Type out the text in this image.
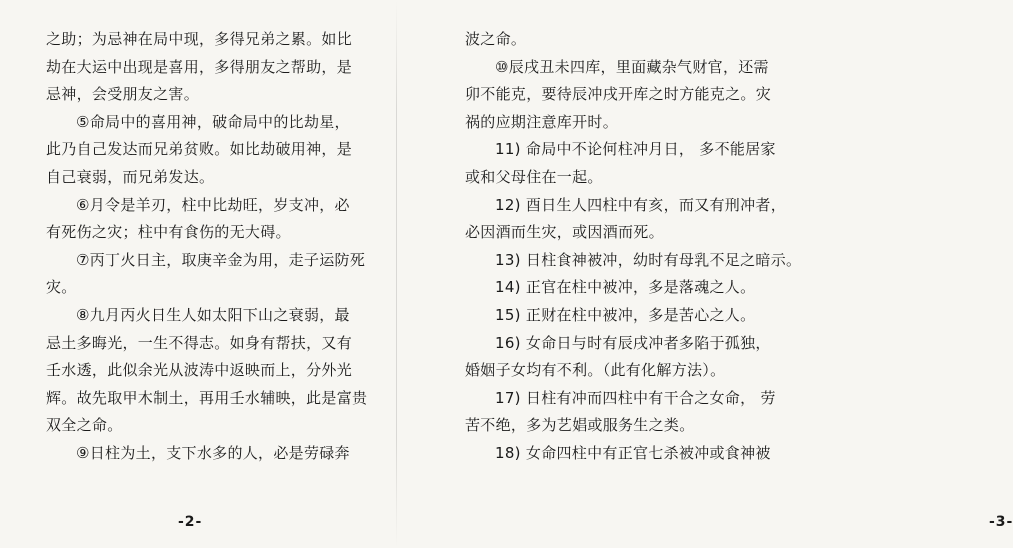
之助；为忌神在局中现，多得兄弟之累。如比
劫在大运中出现是喜用，多得朋友之帮助，是
忌神，会受朋友之害。
⑤命局中的喜用神，破命局中的比劫星，
此乃自己发达而兄弟贫败。如比劫破用神，是
自己衰弱，而兄弟发达。
⑥月令是羊刃，柱中比劫旺，岁支冲，必
有死伤之灾；柱中有食伤的无大碍。
⑦丙丁火日主，取庚辛金为用，走子运防死
灾。
⑧九月丙火日生人如太阳下山之衰弱，最
忌土多晦光，一生不得志。如身有帮扶，又有
壬水透，此似余光从波涛中返映而上，分外光
辉。故先取甲木制土，再用壬水辅映，此是富贵
双全之命。
⑨日柱为土，支下水多的人，必是劳碌奔
-2-
波之命。
⑩辰戌丑未四库，里面藏杂气财官，还需
卯不能克，要待辰冲戌开库之时方能克之。灾
祸的应期注意库开时。
11) 命局中不论何柱冲月日， 多不能居家
或和父母住在一起。
12) 酉日生人四柱中有亥，而又有刑冲者，
必因酒而生灾，或因酒而死。
13) 日柱食神被冲，幼时有母乳不足之暗示。
14) 正官在柱中被冲，多是落魂之人。
15) 正财在柱中被冲，多是苦心之人。
16) 女命日与时有辰戌冲者多陷于孤独，
婚姻子女均有不利。（此有化解方法）。
17) 日柱有冲而四柱中有干合之女命， 劳
苦不绝，多为艺娼或服务生之类。
18) 女命四柱中有正官七杀被冲或食神被
-3-
